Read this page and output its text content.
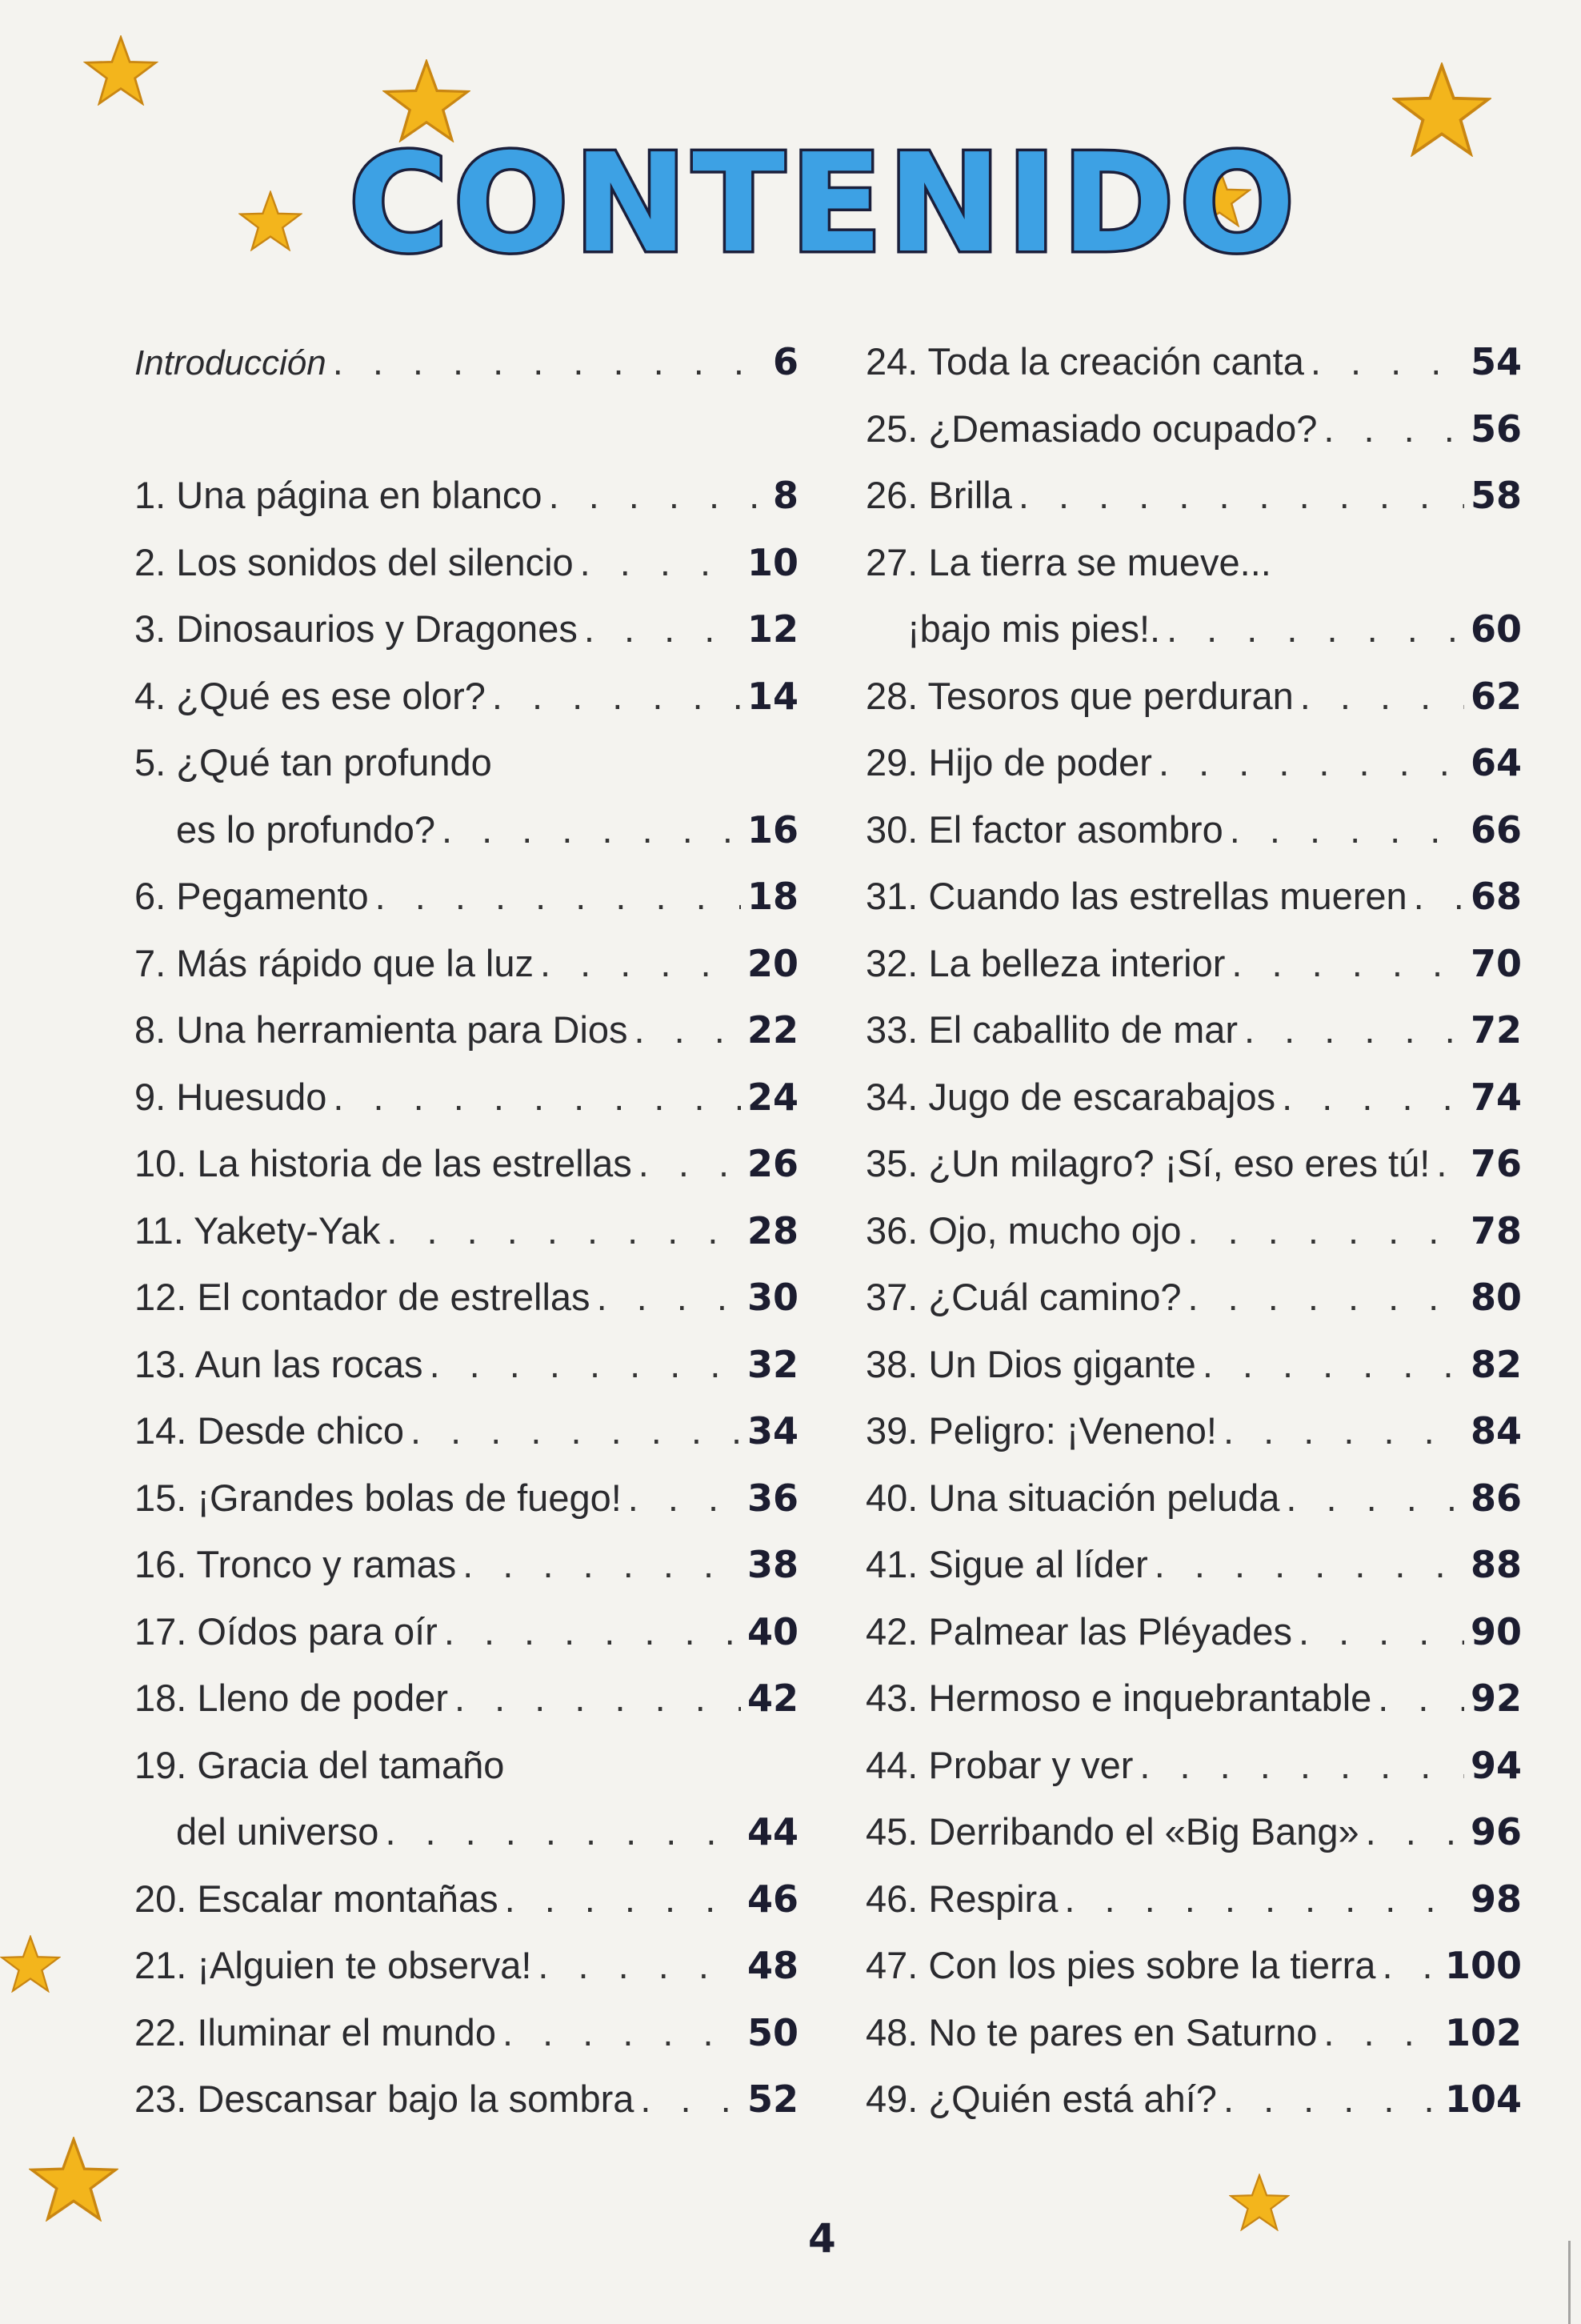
CONTENIDO
Introducción . . .	6
1. Una página en blanco . . .	8
2. Los sonidos del silencio . . .	10
3. Dinosaurios y Dragones . . .	12
4. ¿Qué es ese olor? . . .	14
5. ¿Qué tan profundo
es lo profundo? . . .	16
6. Pegamento . . .	18
7. Más rápido que la luz . . .	20
8. Una herramienta para Dios . . .	22
9. Huesudo . . .	24
10. La historia de las estrellas . . .	26
11. Yakety-Yak . . .	28
12. El contador de estrellas . . .	30
13. Aun las rocas . . .	32
14. Desde chico . . .	34
15. ¡Grandes bolas de fuego! . . .	36
16. Tronco y ramas . . .	38
17. Oídos para oír . . .	40
18. Lleno de poder . . .	42
19. Gracia del tamaño
del universo . . .	44
20. Escalar montañas . . .	46
21. ¡Alguien te observa! . . .	48
22. Iluminar el mundo . . .	50
23. Descansar bajo la sombra . . .	52
24. Toda la creación canta . . .	54
25. ¿Demasiado ocupado? . . .	56
26. Brilla . . .	58
27. La tierra se mueve...
¡bajo mis pies!. . . .	60
28. Tesoros que perduran . . .	62
29. Hijo de poder . . .	64
30. El factor asombro . . .	66
31. Cuando las estrellas mueren . . . 68
32. La belleza interior . . .	70
33. El caballito de mar . . .	72
34. Jugo de escarabajos . . .	74
35. ¿Un milagro? ¡Sí, eso eres tú! . . . 76
36. Ojo, mucho ojo . . .	78
37. ¿Cuál camino? . . .	80
38. Un Dios gigante . . .	82
39. Peligro: ¡Veneno! . . .	84
40. Una situación peluda . . .	86
41. Sigue al líder . . .	88
42. Palmear las Pléyades . . .	90
43. Hermoso e inquebrantable . . .	92
44. Probar y ver . . .	94
45. Derribando el «Big Bang» . . .	96
46. Respira . . .	98
47. Con los pies sobre la tierra . . . 100
48. No te pares en Saturno . . .	102
49. ¿Quién está ahí? . . .	104
4
